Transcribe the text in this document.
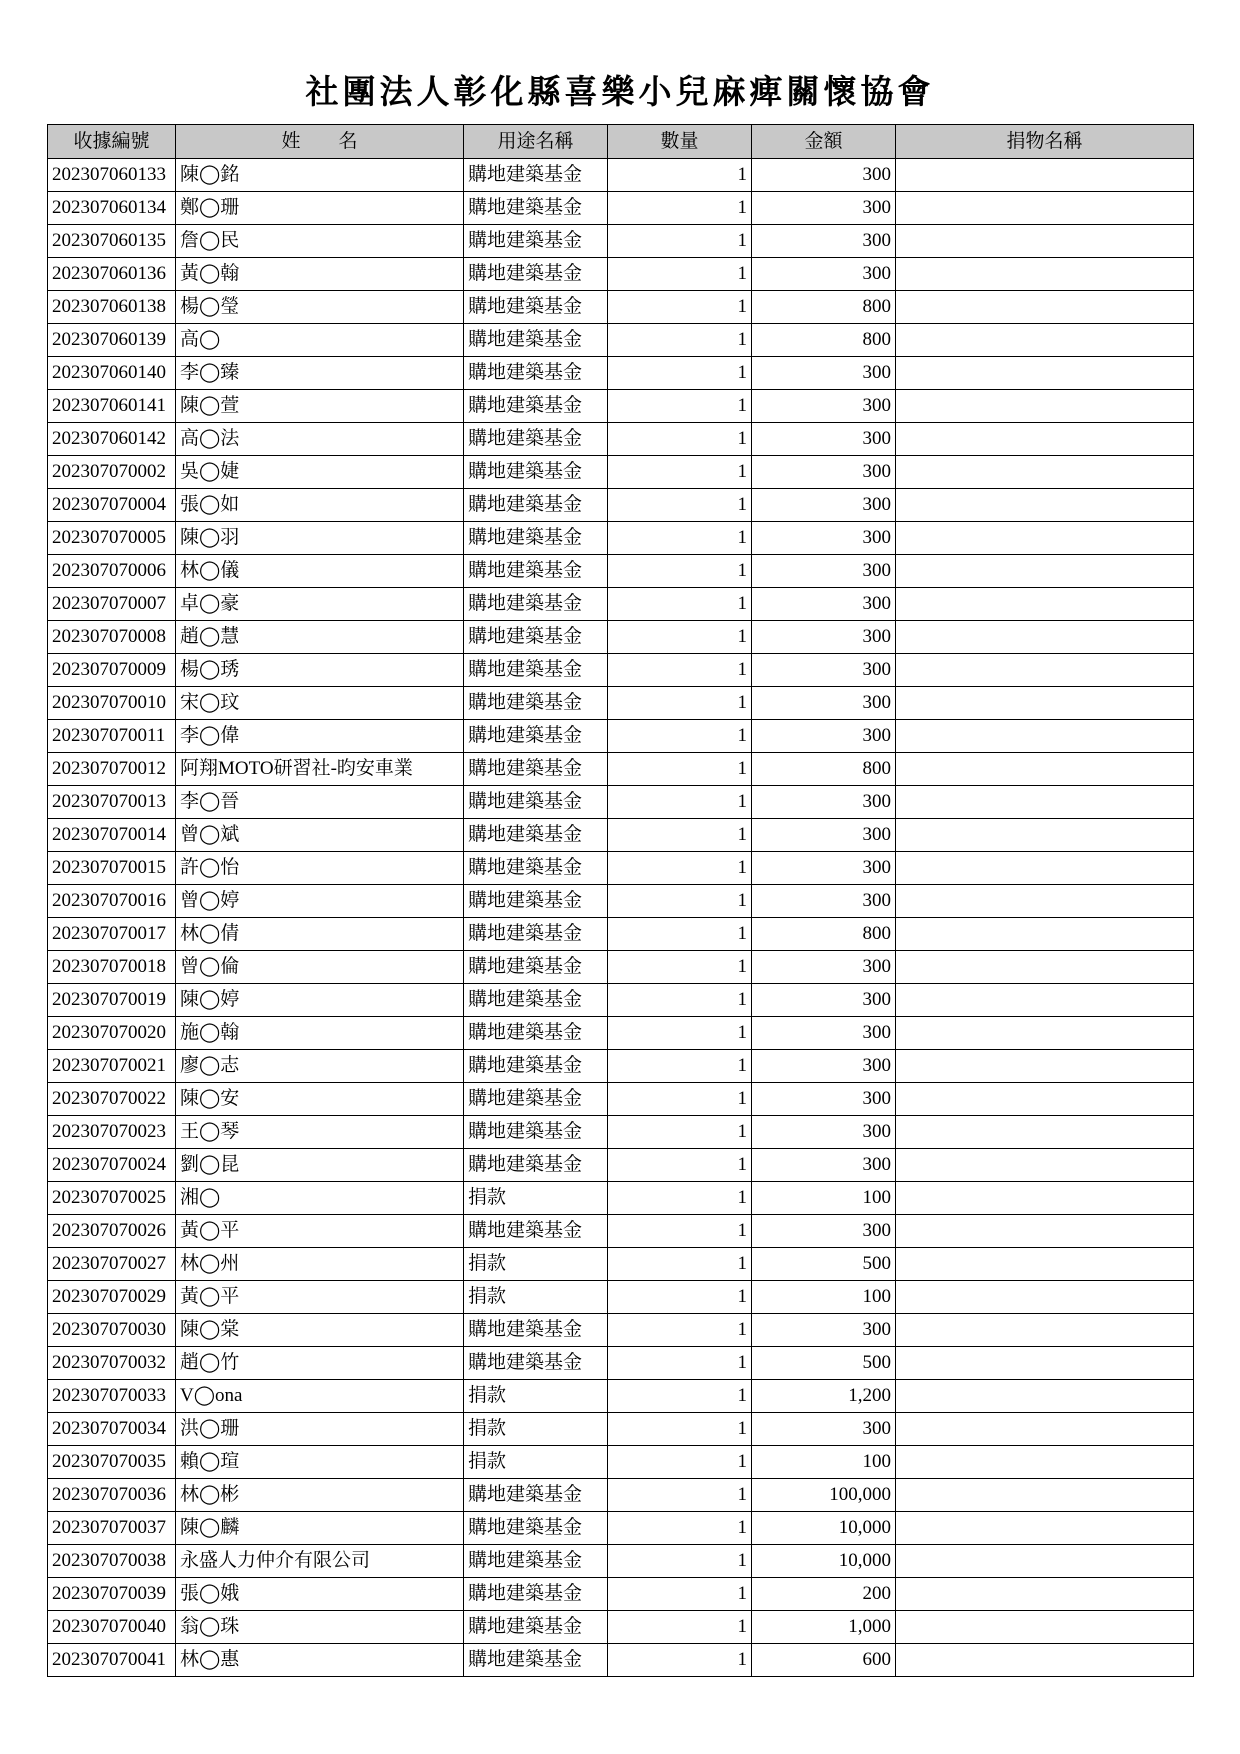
社團法人彰化縣喜樂小兒麻痺關懷協會
收據編號	姓　　名	用途名稱	數量	金額	捐物名稱
202307060133	陳◯銘	購地建築基金	1	300	
202307060134	鄭◯珊	購地建築基金	1	300	
202307060135	詹◯民	購地建築基金	1	300	
202307060136	黃◯翰	購地建築基金	1	300	
202307060138	楊◯瑩	購地建築基金	1	800	
202307060139	高◯	購地建築基金	1	800	
202307060140	李◯臻	購地建築基金	1	300	
202307060141	陳◯萱	購地建築基金	1	300	
202307060142	高◯法	購地建築基金	1	300	
202307070002	吳◯婕	購地建築基金	1	300	
202307070004	張◯如	購地建築基金	1	300	
202307070005	陳◯羽	購地建築基金	1	300	
202307070006	林◯儀	購地建築基金	1	300	
202307070007	卓◯豪	購地建築基金	1	300	
202307070008	趙◯慧	購地建築基金	1	300	
202307070009	楊◯琇	購地建築基金	1	300	
202307070010	宋◯玟	購地建築基金	1	300	
202307070011	李◯偉	購地建築基金	1	300	
202307070012	阿翔MOTO研習社-昀安車業	購地建築基金	1	800	
202307070013	李◯晉	購地建築基金	1	300	
202307070014	曾◯斌	購地建築基金	1	300	
202307070015	許◯怡	購地建築基金	1	300	
202307070016	曾◯婷	購地建築基金	1	300	
202307070017	林◯倩	購地建築基金	1	800	
202307070018	曾◯倫	購地建築基金	1	300	
202307070019	陳◯婷	購地建築基金	1	300	
202307070020	施◯翰	購地建築基金	1	300	
202307070021	廖◯志	購地建築基金	1	300	
202307070022	陳◯安	購地建築基金	1	300	
202307070023	王◯琴	購地建築基金	1	300	
202307070024	劉◯昆	購地建築基金	1	300	
202307070025	湘◯	捐款	1	100	
202307070026	黃◯平	購地建築基金	1	300	
202307070027	林◯州	捐款	1	500	
202307070029	黃◯平	捐款	1	100	
202307070030	陳◯棠	購地建築基金	1	300	
202307070032	趙◯竹	購地建築基金	1	500	
202307070033	V◯ona	捐款	1	1,200	
202307070034	洪◯珊	捐款	1	300	
202307070035	賴◯瑄	捐款	1	100	
202307070036	林◯彬	購地建築基金	1	100,000	
202307070037	陳◯麟	購地建築基金	1	10,000	
202307070038	永盛人力仲介有限公司	購地建築基金	1	10,000	
202307070039	張◯娥	購地建築基金	1	200	
202307070040	翁◯珠	購地建築基金	1	1,000	
202307070041	林◯惠	購地建築基金	1	600	
